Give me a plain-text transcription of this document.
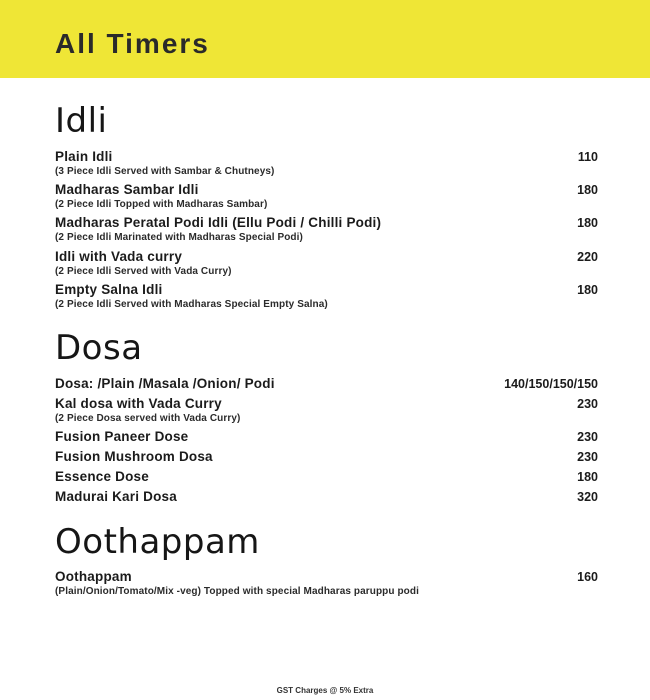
All Timers
Idli
Plain Idli	110
(3 Piece Idli Served with Sambar & Chutneys)
Madharas Sambar Idli	180
(2 Piece Idli Topped with Madharas Sambar)
Madharas Peratal Podi Idli (Ellu Podi / Chilli Podi)	180
(2 Piece Idli Marinated with Madharas Special Podi)
Idli with Vada curry	220
(2 Piece Idli Served with Vada Curry)
Empty Salna Idli	180
(2 Piece Idli Served with Madharas Special Empty Salna)
Dosa
Dosa: /Plain /Masala /Onion/ Podi	140/150/150/150
Kal dosa with Vada Curry	230
(2 Piece Dosa served with Vada Curry)
Fusion Paneer Dose	230
Fusion Mushroom Dosa	230
Essence Dose	180
Madurai Kari Dosa	320
Oothappam
Oothappam	160
(Plain/Onion/Tomato/Mix -veg) Topped with special Madharas paruppu podi
GST Charges @ 5% Extra
